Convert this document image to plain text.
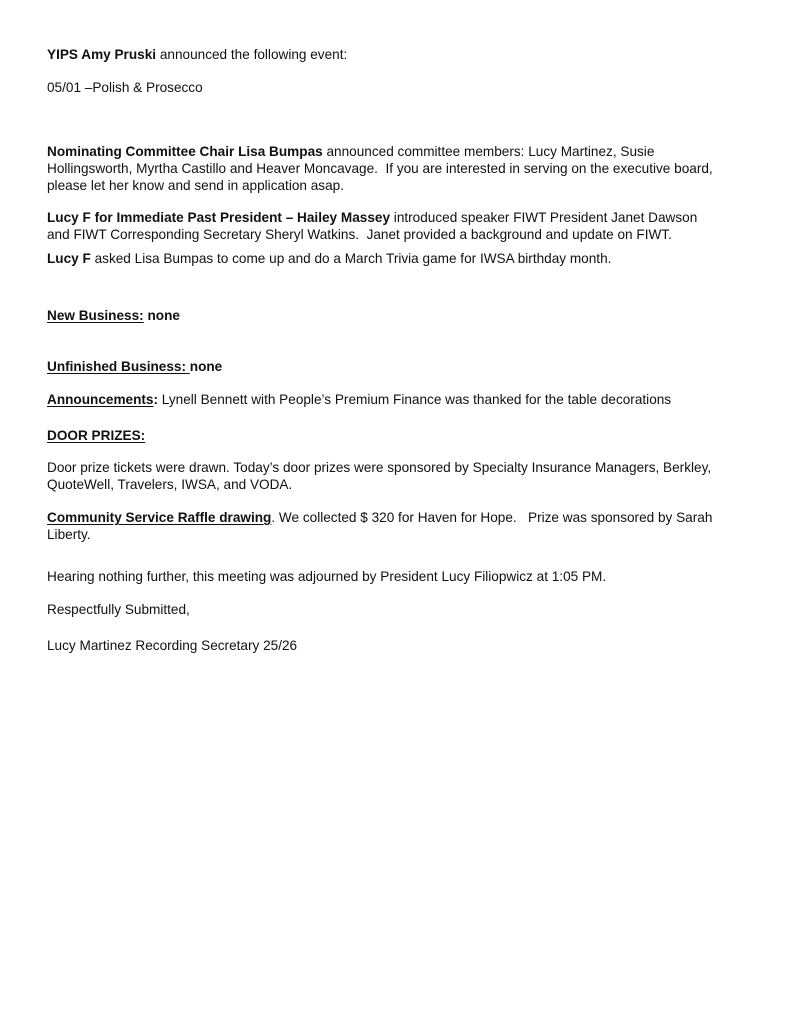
YIPS Amy Pruski announced the following event:

05/01 –Polish & Prosecco

Nominating Committee Chair Lisa Bumpas announced committee members: Lucy Martinez, Susie
Hollingsworth, Myrtha Castillo and Heaver Moncavage.  If you are interested in serving on the executive board,
please let her know and send in application asap.
Lucy F for Immediate Past President – Hailey Massey introduced speaker FIWT President Janet Dawson
and FIWT Corresponding Secretary Sheryl Watkins.  Janet provided a background and update on FIWT.

Lucy F asked Lisa Bumpas to come up and do a March Trivia game for IWSA birthday month.

New Business: none

Unfinished Business: none

Announcements: Lynell Bennett with People’s Premium Finance was thanked for the table decorations

DOOR PRIZES:

Door prize tickets were drawn. Today’s door prizes were sponsored by Specialty Insurance Managers, Berkley,
QuoteWell, Travelers, IWSA, and VODA.
Community Service Raffle drawing. We collected $ 320 for Haven for Hope.   Prize was sponsored by Sarah
Liberty.

Hearing nothing further, this meeting was adjourned by President Lucy Filiopwicz at 1:05 PM.

Respectfully Submitted,

Lucy Martinez Recording Secretary 25/26
